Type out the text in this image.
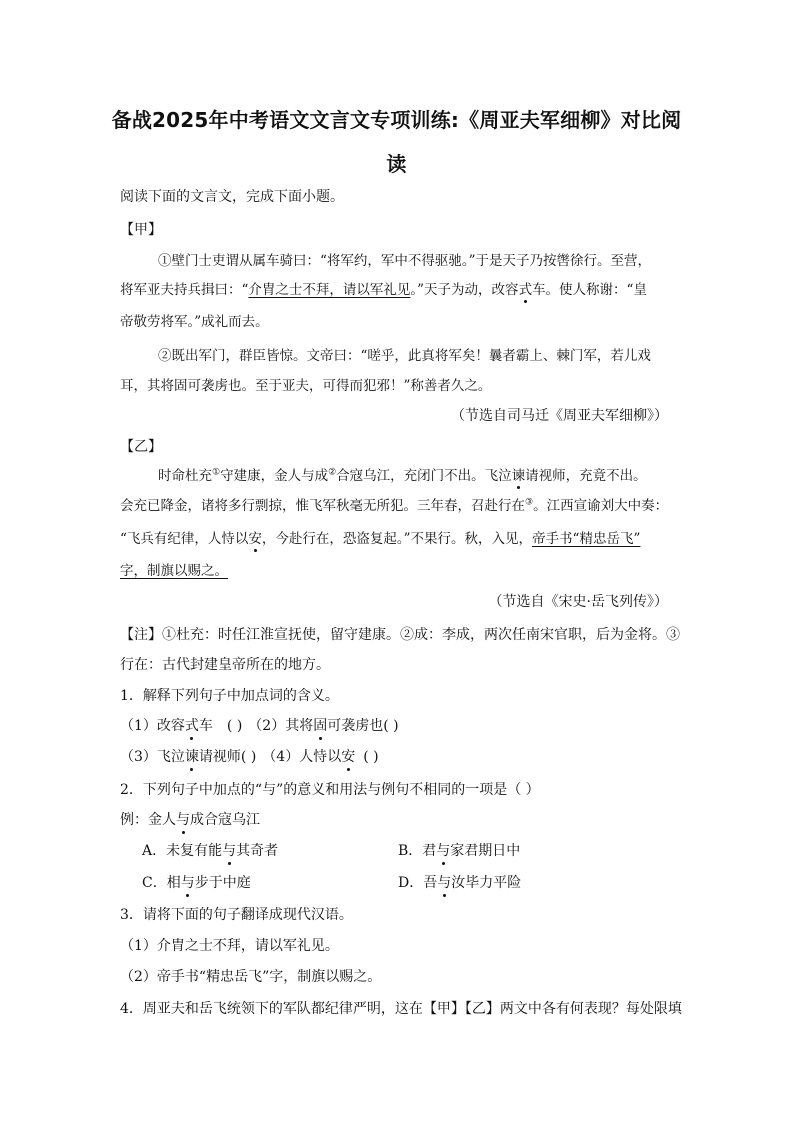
备战2025年中考语文文言文专项训练:《周亚夫军细柳》对比阅
读
阅读下面的文言文，完成下面小题。
【甲】
①壁门士吏谓从属车骑曰：“将军约，军中不得驱驰。”于是天子乃按辔徐行。至营，
将军亚夫持兵揖曰：“介胄之士不拜，请以军礼见。”天子为动，改容式车。使人称谢：“皇
帝敬劳将军。”成礼而去。
②既出军门，群臣皆惊。文帝曰：“嗟乎，此真将军矣！曩者霸上、棘门军，若儿戏
耳，其将固可袭虏也。至于亚夫，可得而犯邪！”称善者久之。
（节选自司马迁《周亚夫军细柳》）
【乙】
时命杜充①守建康，金人与成②合寇乌江，充闭门不出。飞泣谏请视师，充竟不出。
会充已降金，诸将多行剽掠，惟飞军秋毫无所犯。三年春，召赴行在③。江西宣谕刘大中奏：
“飞兵有纪律，人恃以安，今赴行在，恐盗复起。”不果行。秋，入见，帝手书“精忠岳飞”
字，制旗以赐之。
（节选自《宋史·岳飞列传》）
【注】①杜充：时任江淮宣抚使，留守建康。②成：李成，两次任南宋官职，后为金将。③
行在：古代封建皇帝所在的地方。
1．解释下列句子中加点词的含义。
（1）改容式车 ( ) （2）其将固可袭虏也( )
（3）飞泣谏请视师( ) （4）人恃以安 ( )
2．下列句子中加点的“与”的意义和用法与例句不相同的一项是（ ）
例：金人与成合寇乌江
A．未复有能与其奇者	B．君与家君期日中
C．相与步于中庭	D．吾与汝毕力平险
3．请将下面的句子翻译成现代汉语。
（1）介胄之士不拜，请以军礼见。
（2）帝手书“精忠岳飞”字，制旗以赐之。
4．周亚夫和岳飞统领下的军队都纪律严明，这在【甲】【乙】两文中各有何表现？每处限填
